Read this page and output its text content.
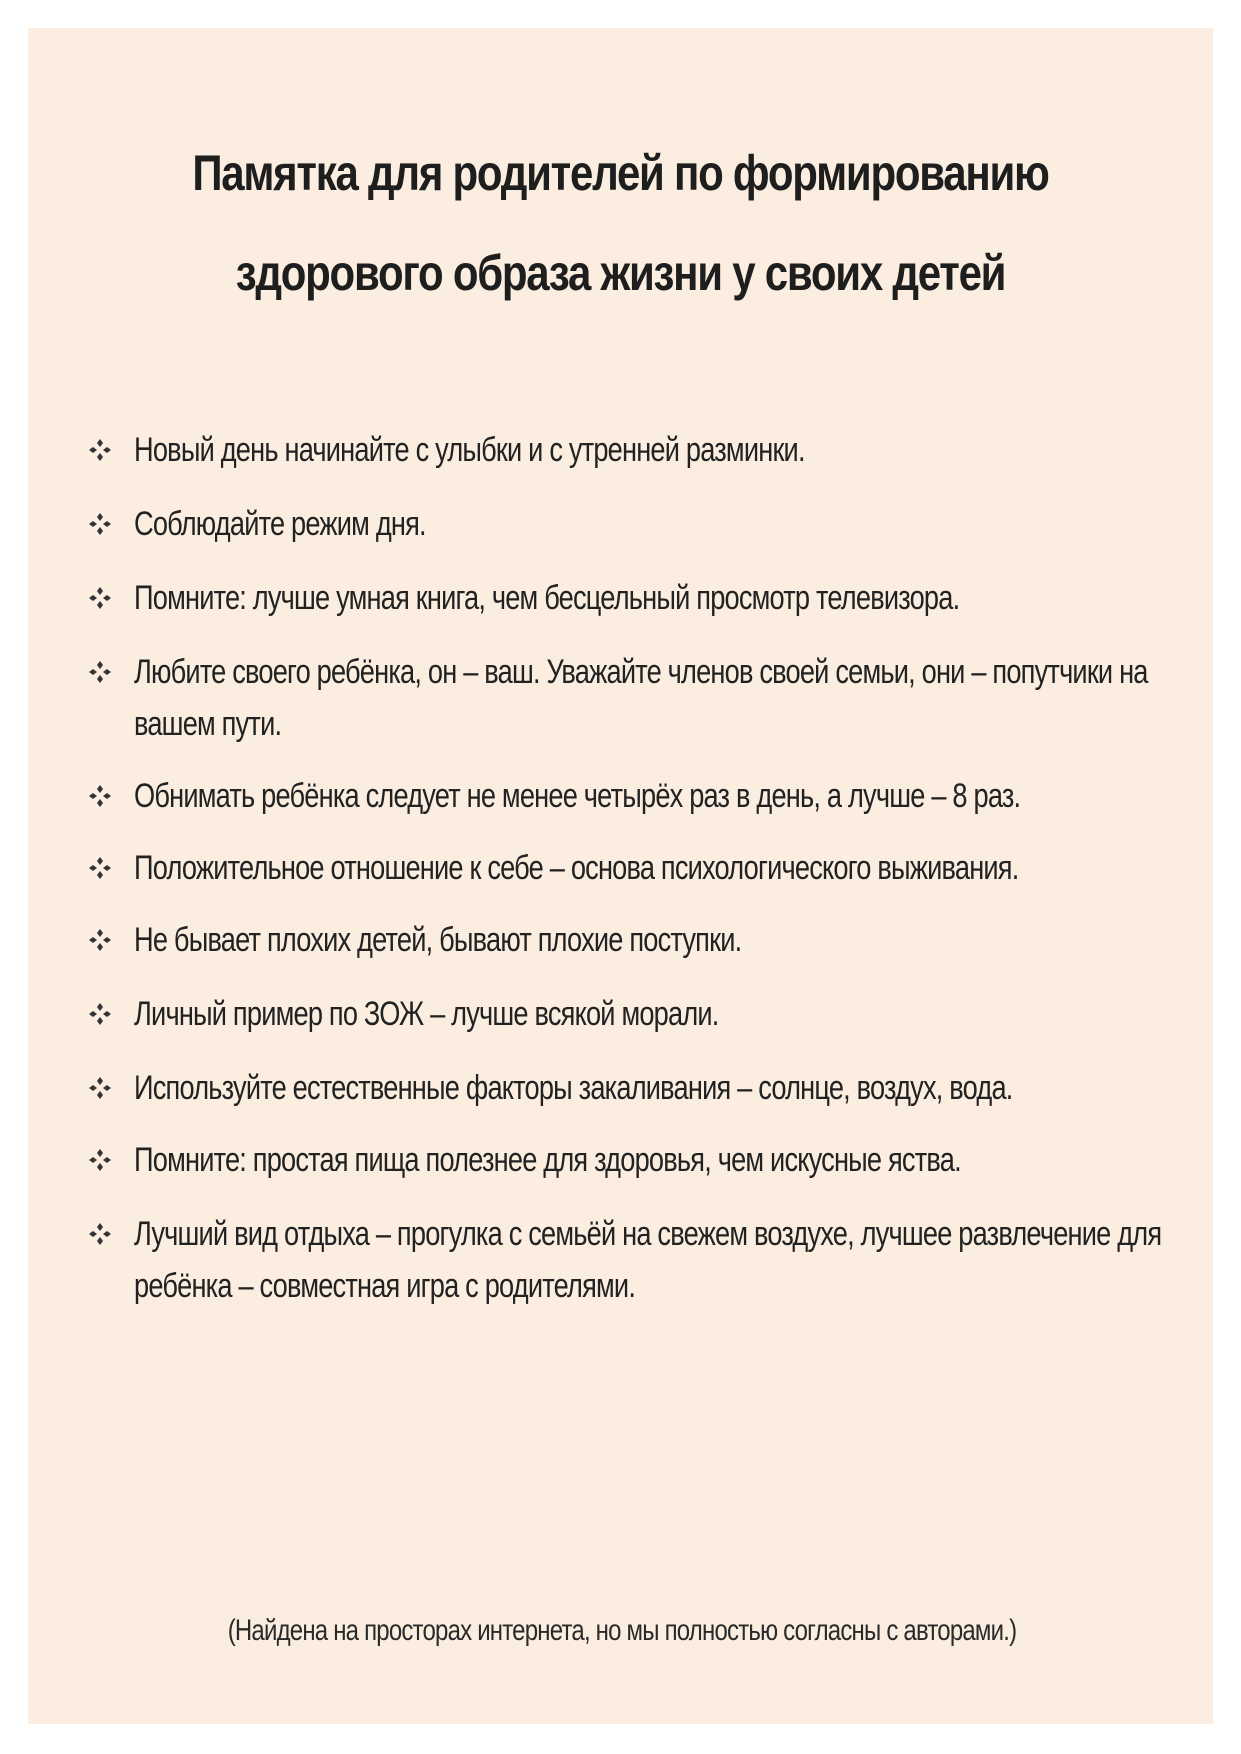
Памятка для родителей по формированию
здорового образа жизни у своих детей
Новый день начинайте с улыбки и с утренней разминки.
Соблюдайте режим дня.
Помните: лучше умная книга, чем бесцельный просмотр телевизора.
Любите своего ребёнка, он – ваш. Уважайте членов своей семьи, они – попутчики на вашем пути.
Обнимать ребёнка следует не менее четырёх раз в день, а лучше – 8 раз.
Положительное отношение к себе – основа психологического выживания.
Не бывает плохих детей, бывают плохие поступки.
Личный пример по ЗОЖ – лучше всякой морали.
Используйте естественные факторы закаливания – солнце, воздух, вода.
Помните: простая пища полезнее для здоровья, чем искусные яства.
Лучший вид отдыха – прогулка с семьёй на свежем воздухе, лучшее развлечение для ребёнка – совместная игра с родителями.
(Найдена на просторах интернета, но мы полностью согласны с авторами.)
